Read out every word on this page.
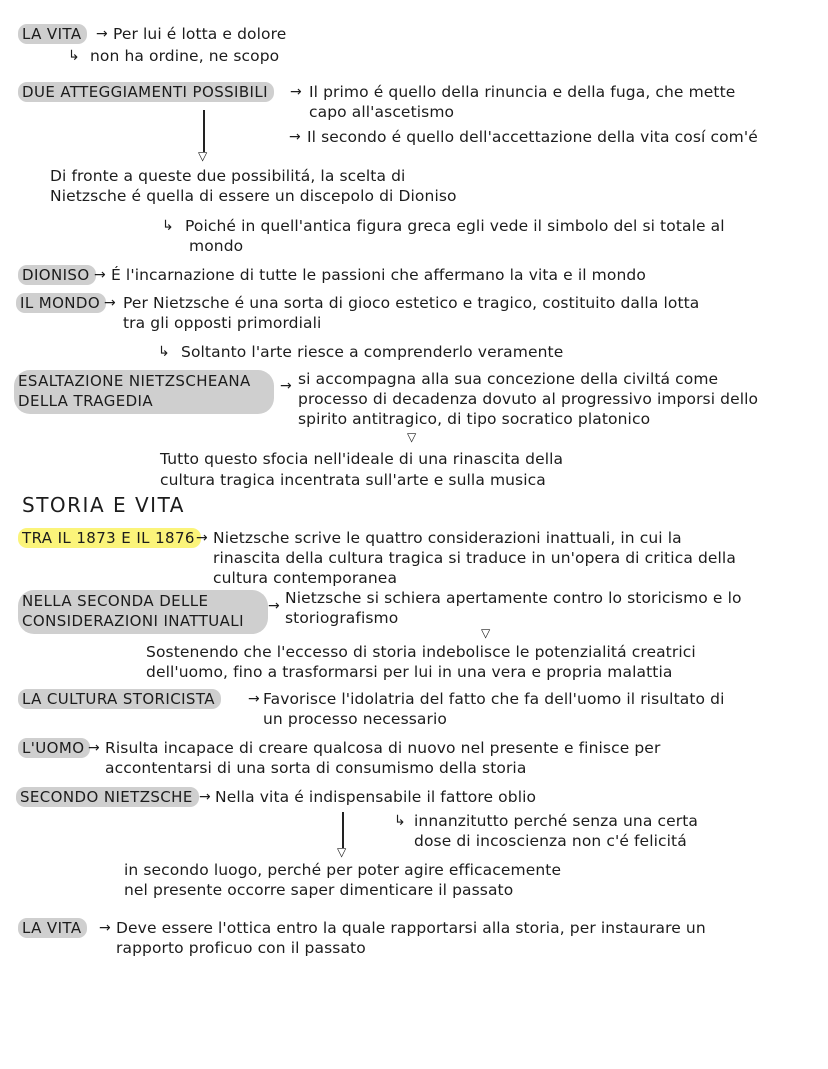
LA VITA	→ Per lui é lotta e dolore
↳ non ha ordine, ne scopo
DUE ATTEGGIAMENTI POSSIBILI	→ Il primo é quello della rinuncia e della fuga, che mette
capo all'ascetismo
→ Il secondo é quello dell'accettazione della vita cosí com'é
▽
Di fronte a queste due possibilitá, la scelta di
Nietzsche é quella di essere un discepolo di Dioniso
↳ Poiché in quell'antica figura greca egli vede il simbolo del si totale al
mondo
DIONISO → É l'incarnazione di tutte le passioni che affermano la vita e il mondo
IL MONDO → Per Nietzsche é una sorta di gioco estetico e tragico, costituito dalla lotta
tra gli opposti primordiali
↳ Soltanto l'arte riesce a comprenderlo veramente
ESALTAZIONE NIETZSCHEANA
DELLA TRAGEDIA
→ si accompagna alla sua concezione della civiltá come
processo di decadenza dovuto al progressivo imporsi dello
spirito antitragico, di tipo socratico platonico
▽
Tutto questo sfocia nell'ideale di una rinascita della
cultura tragica incentrata sull'arte e sulla musica
STORIA E VITA
TRA IL 1873 E IL 1876 → Nietzsche scrive le quattro considerazioni inattuali, in cui la
rinascita della cultura tragica si traduce in un'opera di critica della
cultura contemporanea
NELLA SECONDA DELLE
CONSIDERAZIONI INATTUALI
→ Nietzsche si schiera apertamente contro lo storicismo e lo
storiografismo
▽
Sostenendo che l'eccesso di storia indebolisce le potenzialitá creatrici
dell'uomo, fino a trasformarsi per lui in una vera e propria malattia
LA CULTURA STORICISTA	→ Favorisce l'idolatria del fatto che fa dell'uomo il risultato di
un processo necessario
L'UOMO → Risulta incapace di creare qualcosa di nuovo nel presente e finisce per
accontentarsi di una sorta di consumismo della storia
SECONDO NIETZSCHE → Nella vita é indispensabile il fattore oblio
↳ innanzitutto perché senza una certa
dose di incoscienza non c'é felicitá
▽
in secondo luogo, perché per poter agire efficacemente
nel presente occorre saper dimenticare il passato
LA VITA	→ Deve essere l'ottica entro la quale rapportarsi alla storia, per instaurare un
rapporto proficuo con il passato
